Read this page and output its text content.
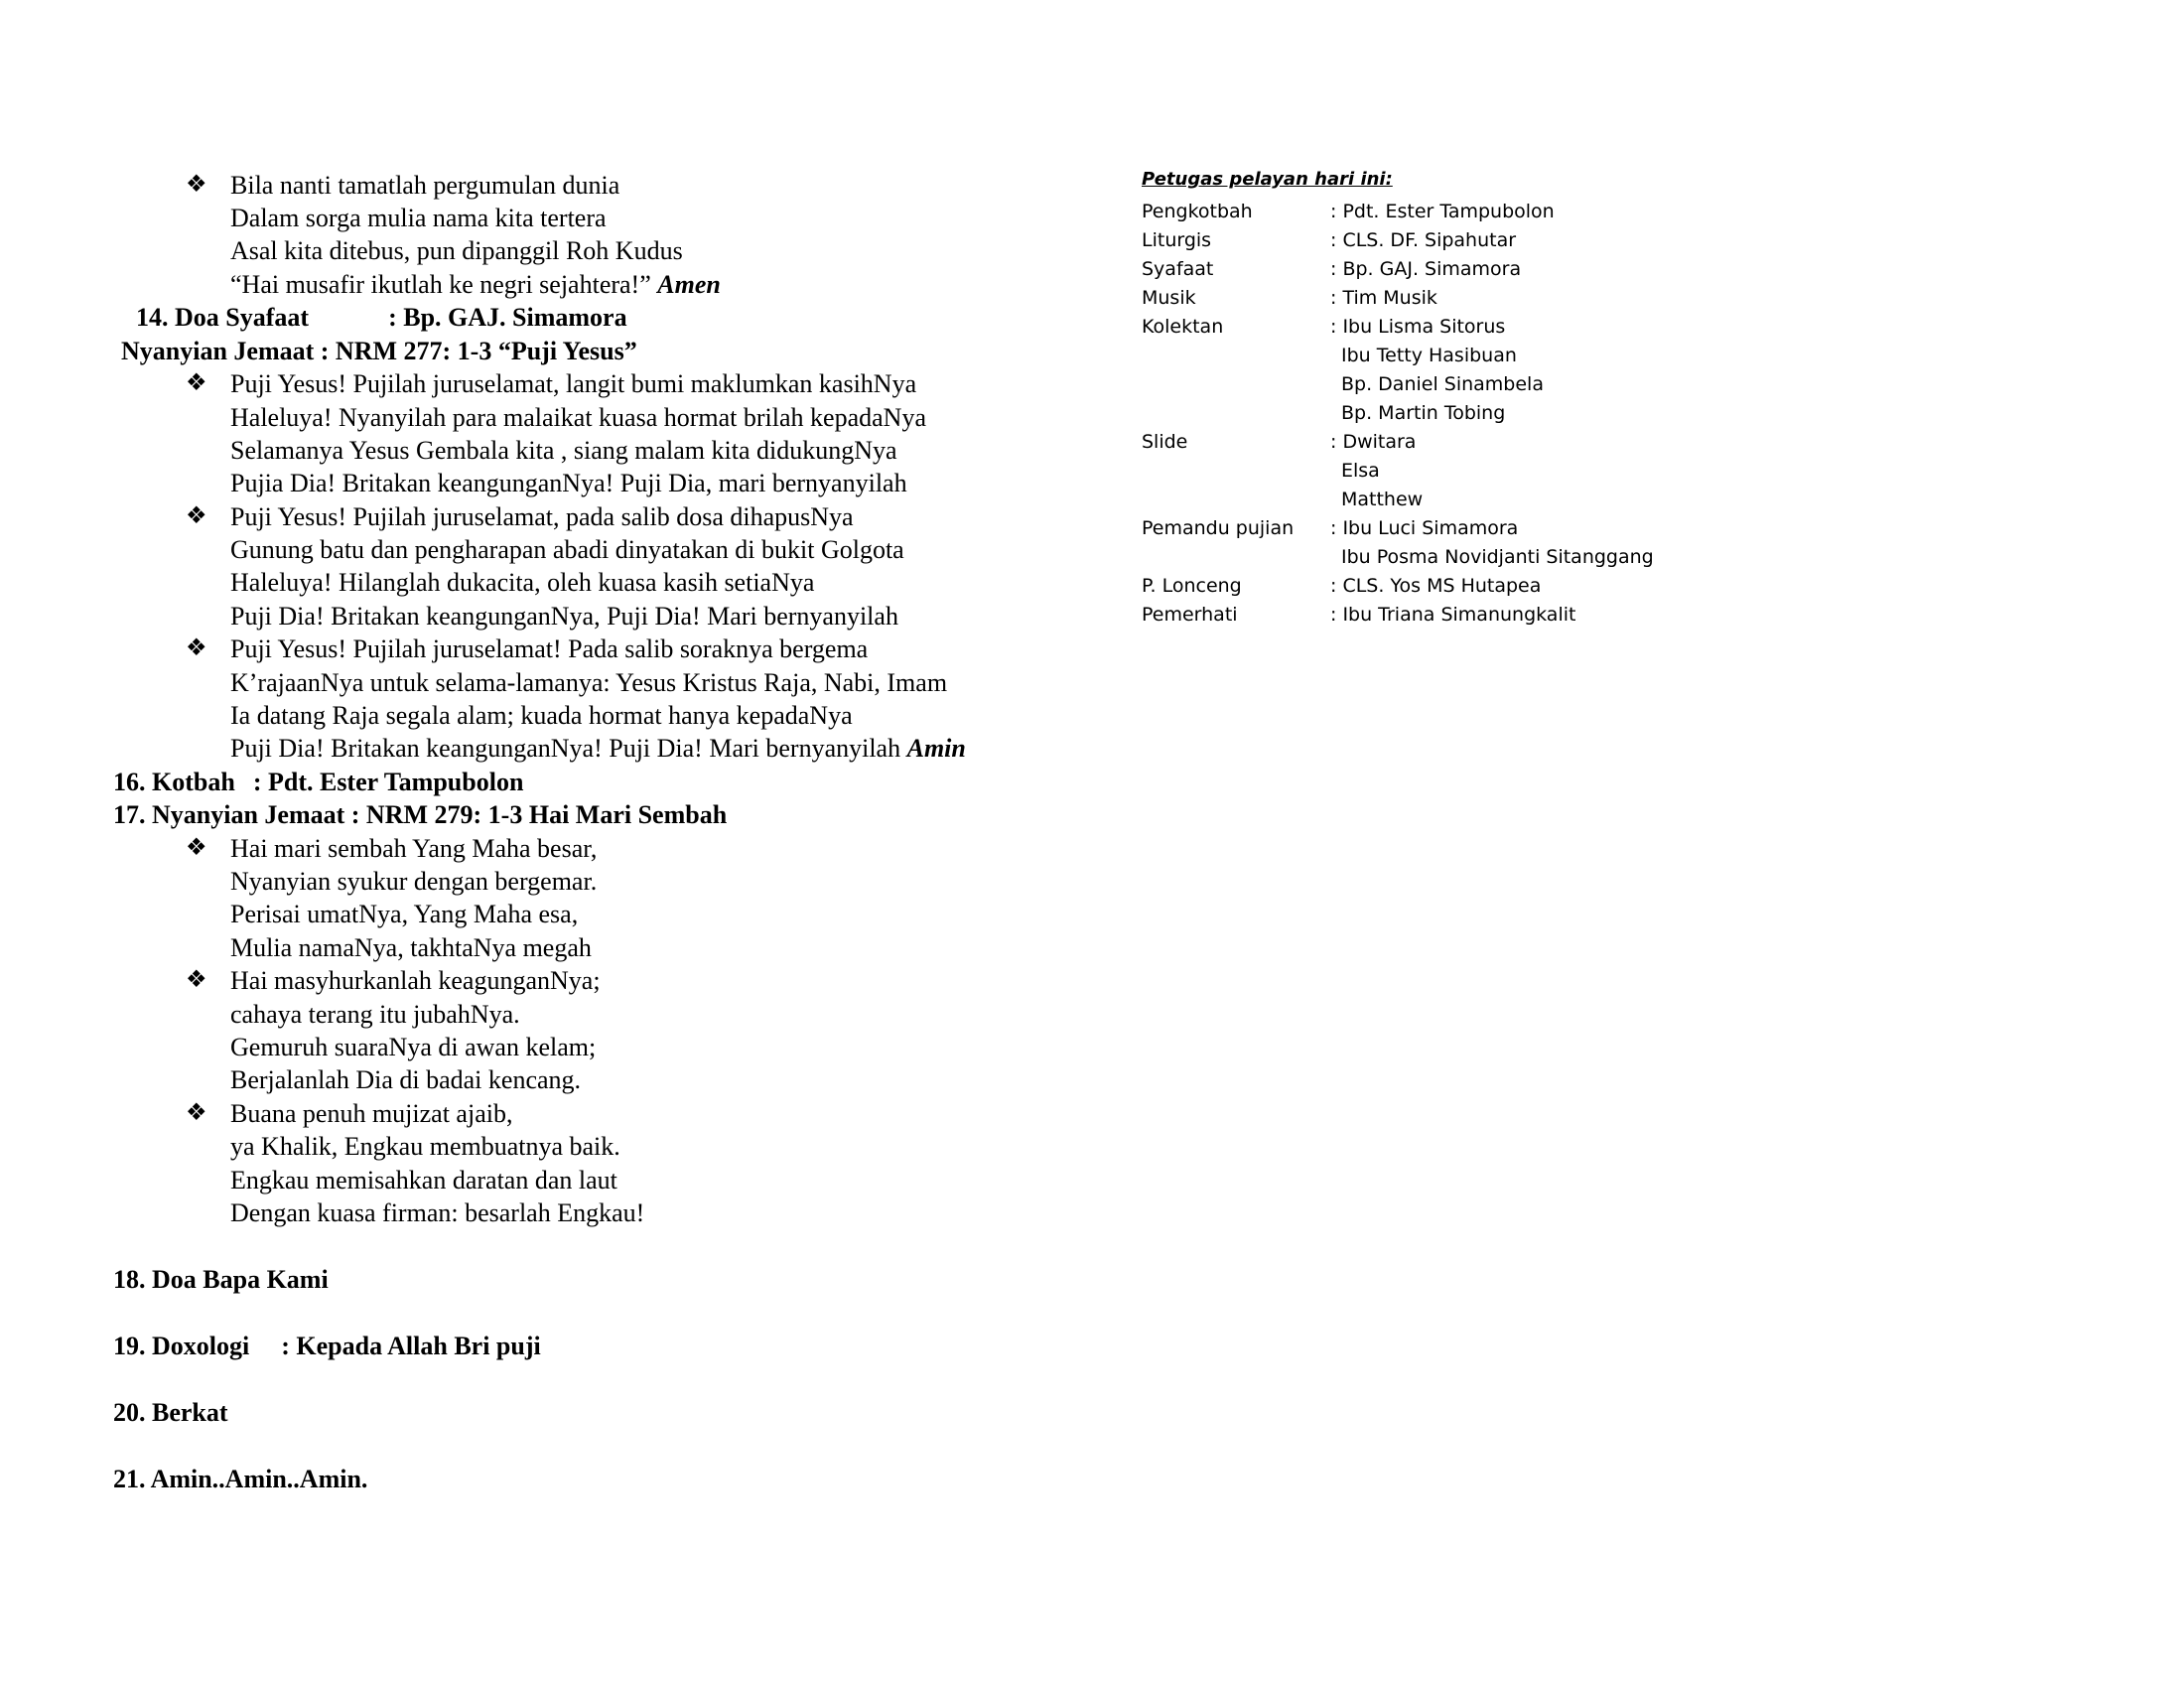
❖ Bila nanti tamatlah pergumulan dunia
Dalam sorga mulia nama kita tertera
Asal kita ditebus, pun dipanggil Roh Kudus
“Hai musafir ikutlah ke negri sejahtera!” Amen
14. Doa Syafaat	: Bp. GAJ. Simamora
Nyanyian Jemaat : NRM 277: 1-3 “Puji Yesus”
❖ Puji Yesus! Pujilah juruselamat, langit bumi maklumkan kasihNya
Haleluya! Nyanyilah para malaikat kuasa hormat brilah kepadaNya
Selamanya Yesus Gembala kita , siang malam kita didukungNya
Pujia Dia! Britakan keangunganNya! Puji Dia, mari bernyanyilah
❖ Puji Yesus! Pujilah juruselamat, pada salib dosa dihapusNya
Gunung batu dan pengharapan abadi dinyatakan di bukit Golgota
Haleluya! Hilanglah dukacita, oleh kuasa kasih setiaNya
Puji Dia! Britakan keangunganNya, Puji Dia! Mari bernyanyilah
❖ Puji Yesus! Pujilah juruselamat! Pada salib soraknya bergema
K’rajaanNya untuk selama-lamanya: Yesus Kristus Raja, Nabi, Imam
Ia datang Raja segala alam; kuada hormat hanya kepadaNya
Puji Dia! Britakan keangunganNya! Puji Dia! Mari bernyanyilah Amin
16. Kotbah : Pdt. Ester Tampubolon
17. Nyanyian Jemaat : NRM 279: 1-3 Hai Mari Sembah
❖ Hai mari sembah Yang Maha besar,
Nyanyian syukur dengan bergemar.
Perisai umatNya, Yang Maha esa,
Mulia namaNya, takhtaNya megah
❖ Hai masyhurkanlah keagunganNya;
cahaya terang itu jubahNya.
Gemuruh suaraNya di awan kelam;
Berjalanlah Dia di badai kencang.
❖ Buana penuh mujizat ajaib,
ya Khalik, Engkau membuatnya baik.
Engkau memisahkan daratan dan laut
Dengan kuasa firman: besarlah Engkau!
18. Doa Bapa Kami
19. Doxologi : Kepada Allah Bri puji
20. Berkat
21. Amin..Amin..Amin.
Petugas pelayan hari ini:
Pengkotbah	: Pdt. Ester Tampubolon
Liturgis	: CLS. DF. Sipahutar
Syafaat	: Bp. GAJ. Simamora
Musik	: Tim Musik
Kolektan	: Ibu Lisma Sitorus
Ibu Tetty Hasibuan
Bp. Daniel Sinambela
Bp. Martin Tobing
Slide	: Dwitara
Elsa
Matthew
Pemandu pujian : Ibu Luci Simamora
Ibu Posma Novidjanti Sitanggang
P. Lonceng	: CLS. Yos MS Hutapea
Pemerhati	: Ibu Triana Simanungkalit
